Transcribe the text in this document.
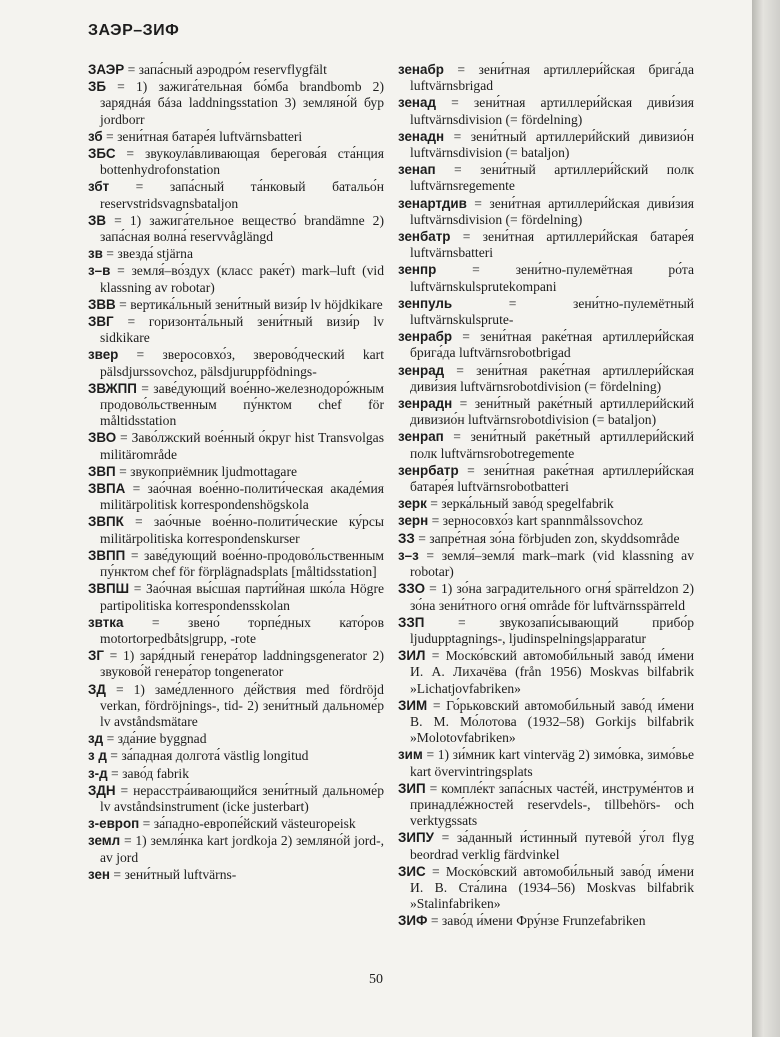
ЗАЭР–ЗИФ

ЗАЭР = запа́сный аэродро́м reservflygfält

ЗБ = 1) зажига́тельная бо́мба brandbomb 2) заряднáя бáза laddningsstation 3) земляно́й бур jordborr

зб = зени́тная батаре́я luftvärnsbatteri

ЗБС = звукоула́вливающая берегова́я ста́нция bottenhydrofonstation

збт = запа́сный та́нковый батальо́н reservstridsvagnsbataljon

ЗВ = 1) зажига́тельное вещество́ brandämne 2) запа́сная волна́ reservvåglängd

зв = звезда́ stjärna

з–в = земля́–во́здух (класс раке́т) mark–luft (vid klassning av robotar)

ЗВВ = вертика́льный зени́тный визи́р lv höjdkikare

ЗВГ = горизонта́льный зени́тный визи́р lv sidkikare

звер = зверосовхо́з, зверово́дческий kart pälsdjurssovchoz, pälsdjuruppfödnings-

ЗВЖПП = заве́дующий вое́нно-железнодоро́жным продово́льственным пу́нктом chef för måltidsstation

ЗВО = Заво́лжский вое́нный о́круг hist Transvolgas militärområde

ЗВП = звукоприёмник ljudmottagare

ЗВПА = зао́чная вое́нно-полити́ческая акаде́мия militärpolitisk korrespondenshögskola

ЗВПК = зао́чные вое́нно-полити́ческие ку́рсы militärpolitiska korrespondenskurser

ЗВПП = заве́дующий вое́нно-продово́льственным пу́нктом chef för förplägnadsplats [måltidsstation]

ЗВПШ = Зао́чная вы́сшая парти́йная шко́ла Högre partipolitiska korrespondensskolan

звтка = звено́ торпе́дных като́ров motortorpedbåts|grupp, -rote

ЗГ = 1) заря́дный генера́тор laddningsgenerator 2) звуково́й генера́тор tongenerator

ЗД = 1) заме́дленного де́йствия med fördröjd verkan, fördröjnings-, tid- 2) зени́тный дальноме́р lv avståndsmätare

зд = зда́ние byggnad

з д = за́падная долгота́ västlig longitud

з-д = заво́д fabrik

ЗДН = нерасстра́ивающийся зени́тный дальноме́р lv avståndsinstrument (icke justerbart)

з-европ = за́падно-европе́йский västeuropeisk

земл = 1) земля́нка kart jordkoja 2) земляно́й jord-, av jord

зен = зени́тный luftvärns-

зенабр = зени́тная артиллери́йская брига́да luftvärnsbrigad

зенад = зени́тная артиллери́йская диви́зия luftvärnsdivision (= fördelning)

зенадн = зени́тный артиллери́йский дивизио́н luftvärnsdivision (= bataljon)

зенап = зени́тный артиллери́йский полк luftvärnsregemente

зенартдив = зени́тная артиллери́йская диви́зия luftvärnsdivision (= fördelning)

зенбатр = зени́тная артиллери́йская батаре́я luftvärnsbatteri

зенпр	= зени́тно-пулемётная ро́та luftvärnskulsprutekompani

зенпуль	= зени́тно-пулемётный luftvärnskulsprute-

зенрабр = зени́тная раке́тная артиллери́йская брига́да luftvärnsrobotbrigad

зенрад = зени́тная раке́тная артиллери́йская диви́зия luftvärnsrobotdivision (= fördelning)

зенрадн = зени́тный раке́тный артиллери́йский дивизио́н luftvärnsrobotdivision (= bataljon)

зенрап = зени́тный раке́тный артиллери́йский полк luftvärnsrobotregemente

зенрбатр = зени́тная раке́тная артиллери́йская батаре́я luftvärnsrobotbatteri

зерк = зерка́льный заво́д spegelfabrik

зерн = зерносовхо́з kart spannmålssovchoz

ЗЗ = запре́тная зо́на förbjuden zon, skyddsområde

з–з = земля́–земля́ mark–mark (vid klassning av robotar)

ЗЗО = 1) зо́на заградительного огня́ spärreldzon 2) зо́на зени́тного огня́ område för luftvärnsspärreld

ЗЗП = звукозапи́сывающий прибо́р ljudupptagnings-, ljudinspelnings|apparatur

ЗИЛ = Моско́вский автомоби́льный заво́д и́мени И. А. Лихачёва (från 1956) Moskvas bilfabrik »Lichatjovfabriken»

ЗИМ = Го́рьковский автомоби́льный заво́д и́мени В. М. Мо́лотова (1932–58) Gorkijs bilfabrik »Molotovfabriken»

зим = 1) зи́мник kart vinterväg 2) зимо́вка, зимо́вье kart övervintringsplats

ЗИП = компле́кт запа́сных часте́й, инструме́нтов и принадле́жностей reservdels-, tillbehörs- och verktygssats

ЗИПУ = за́данный и́стинный путево́й у́гол flyg beordrad verklig färdvinkel

ЗИС = Моско́вский автомоби́льный заво́д и́мени И. В. Ста́лина (1934–56) Moskvas bilfabrik »Stalinfabriken»

ЗИФ = заво́д и́мени Фру́нзе Frunzefabriken

50
